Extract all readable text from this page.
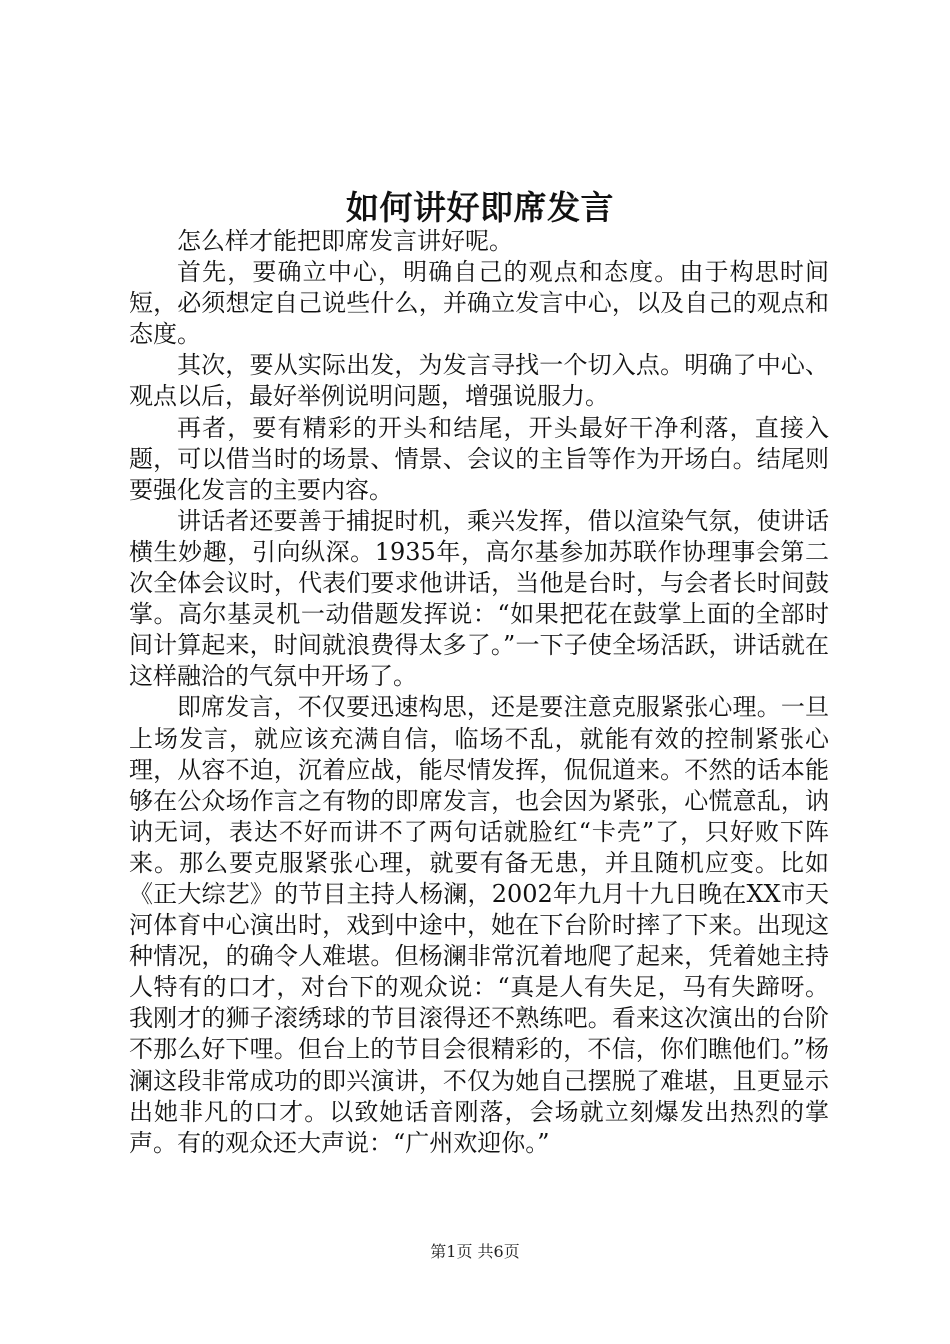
如何讲好即席发言

怎么样才能把即席发言讲好呢。

首先，要确立中心，明确自己的观点和态度。由于构思时间短，必须想定自己说些什么，并确立发言中心，以及自己的观点和态度。

其次，要从实际出发，为发言寻找一个切入点。明确了中心、观点以后，最好举例说明问题，增强说服力。

再者，要有精彩的开头和结尾，开头最好干净利落，直接入题，可以借当时的场景、情景、会议的主旨等作为开场白。结尾则要强化发言的主要内容。

讲话者还要善于捕捉时机，乘兴发挥，借以渲染气氛，使讲话横生妙趣，引向纵深。1935年，高尔基参加苏联作协理事会第二次全体会议时，代表们要求他讲话，当他是台时，与会者长时间鼓掌。高尔基灵机一动借题发挥说：“如果把花在鼓掌上面的全部时间计算起来，时间就浪费得太多了。”一下子使全场活跃，讲话就在这样融洽的气氛中开场了。

即席发言，不仅要迅速构思，还是要注意克服紧张心理。一旦上场发言，就应该充满自信，临场不乱，就能有效的控制紧张心理，从容不迫，沉着应战，能尽情发挥，侃侃道来。不然的话本能够在公众场作言之有物的即席发言，也会因为紧张，心慌意乱，讷讷无词，表达不好而讲不了两句话就脸红“卡壳”了，只好败下阵来。那么要克服紧张心理，就要有备无患，并且随机应变。比如《正大综艺》的节目主持人杨澜，2002年九月十九日晚在XX市天河体育中心演出时，戏到中途中，她在下台阶时摔了下来。出现这种情况，的确令人难堪。但杨澜非常沉着地爬了起来，凭着她主持人特有的口才，对台下的观众说：“真是人有失足，马有失蹄呀。我刚才的狮子滚绣球的节目滚得还不熟练吧。看来这次演出的台阶不那么好下哩。但台上的节目会很精彩的，不信，你们瞧他们。”杨澜这段非常成功的即兴演讲，不仅为她自己摆脱了难堪，且更显示出她非凡的口才。以致她话音刚落，会场就立刻爆发出热烈的掌声。有的观众还大声说：“广州欢迎你。”

第1页 共6页
